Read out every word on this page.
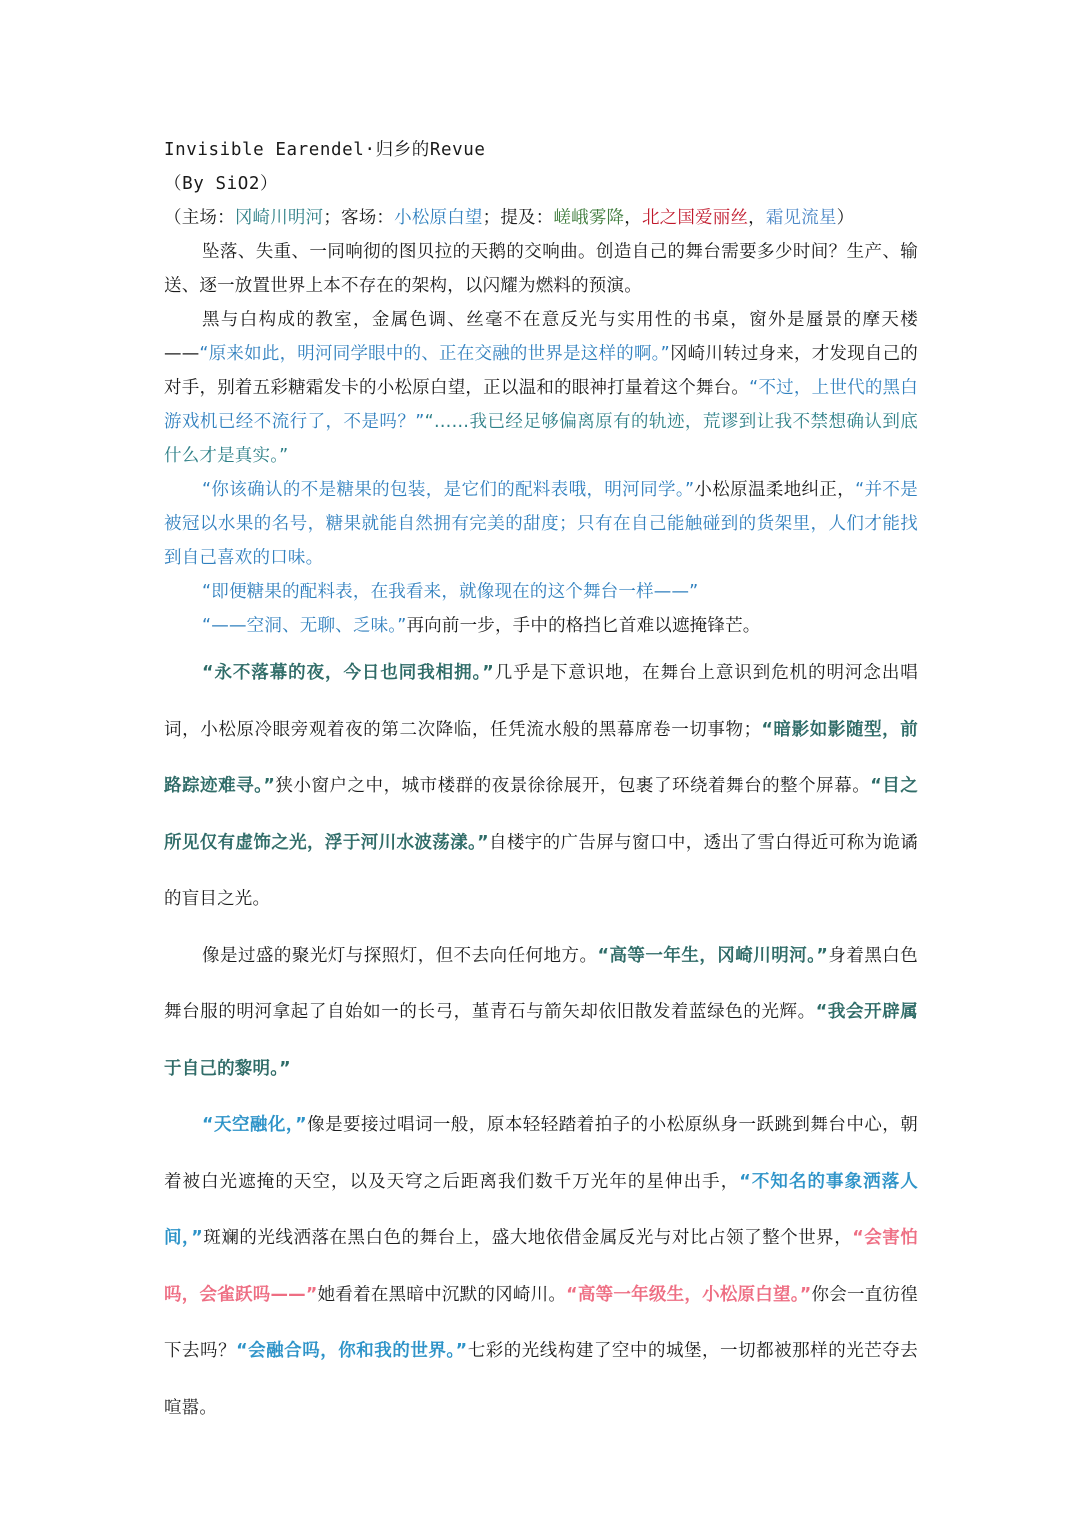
Invisible Earendel·归乡的Revue

（By SiO2）

（主场：冈崎川明河；客场：小松原白望；提及：嵯峨雾降，北之国爱丽丝，霜见流星）

坠落、失重、一同响彻的图贝拉的天鹅的交响曲。创造自己的舞台需要多少时间？生产、输送、逐一放置世界上本不存在的架构，以闪耀为燃料的预演。

黑与白构成的教室，金属色调、丝毫不在意反光与实用性的书桌，窗外是蜃景的摩天楼——“原来如此，明河同学眼中的、正在交融的世界是这样的啊。”冈崎川转过身来，才发现自己的对手，别着五彩糖霜发卡的小松原白望，正以温和的眼神打量着这个舞台。“不过，上世代的黑白游戏机已经不流行了，不是吗？”“……我已经足够偏离原有的轨迹，荒谬到让我不禁想确认到底什么才是真实。”

“你该确认的不是糖果的包装，是它们的配料表哦，明河同学。”小松原温柔地纠正，“并不是被冠以水果的名号，糖果就能自然拥有完美的甜度；只有在自己能触碰到的货架里，人们才能找到自己喜欢的口味。

“即便糖果的配料表，在我看来，就像现在的这个舞台一样——”

“——空洞、无聊、乏味。”再向前一步，手中的格挡匕首难以遮掩锋芒。

“永不落幕的夜，今日也同我相拥。”几乎是下意识地，在舞台上意识到危机的明河念出唱词，小松原冷眼旁观着夜的第二次降临，任凭流水般的黑幕席卷一切事物；“暗影如影随型，前路踪迹难寻。”狭小窗户之中，城市楼群的夜景徐徐展开，包裹了环绕着舞台的整个屏幕。“目之所见仅有虚饰之光，浮于河川水波荡漾。”自楼宇的广告屏与窗口中，透出了雪白得近可称为诡谲的盲目之光。

像是过盛的聚光灯与探照灯，但不去向任何地方。“高等一年生，冈崎川明河。”身着黑白色舞台服的明河拿起了自始如一的长弓，堇青石与箭矢却依旧散发着蓝绿色的光辉。“我会开辟属于自己的黎明。”

“天空融化，”像是要接过唱词一般，原本轻轻踏着拍子的小松原纵身一跃跳到舞台中心，朝着被白光遮掩的天空，以及天穹之后距离我们数千万光年的星伸出手，“不知名的事象洒落人间，”斑斓的光线洒落在黑白色的舞台上，盛大地依借金属反光与对比占领了整个世界，“会害怕吗，会雀跃吗——”她看着在黑暗中沉默的冈崎川。“高等一年级生，小松原白望。”你会一直彷徨下去吗？“会融合吗，你和我的世界。”七彩的光线构建了空中的城堡，一切都被那样的光芒夺去喧嚣。
